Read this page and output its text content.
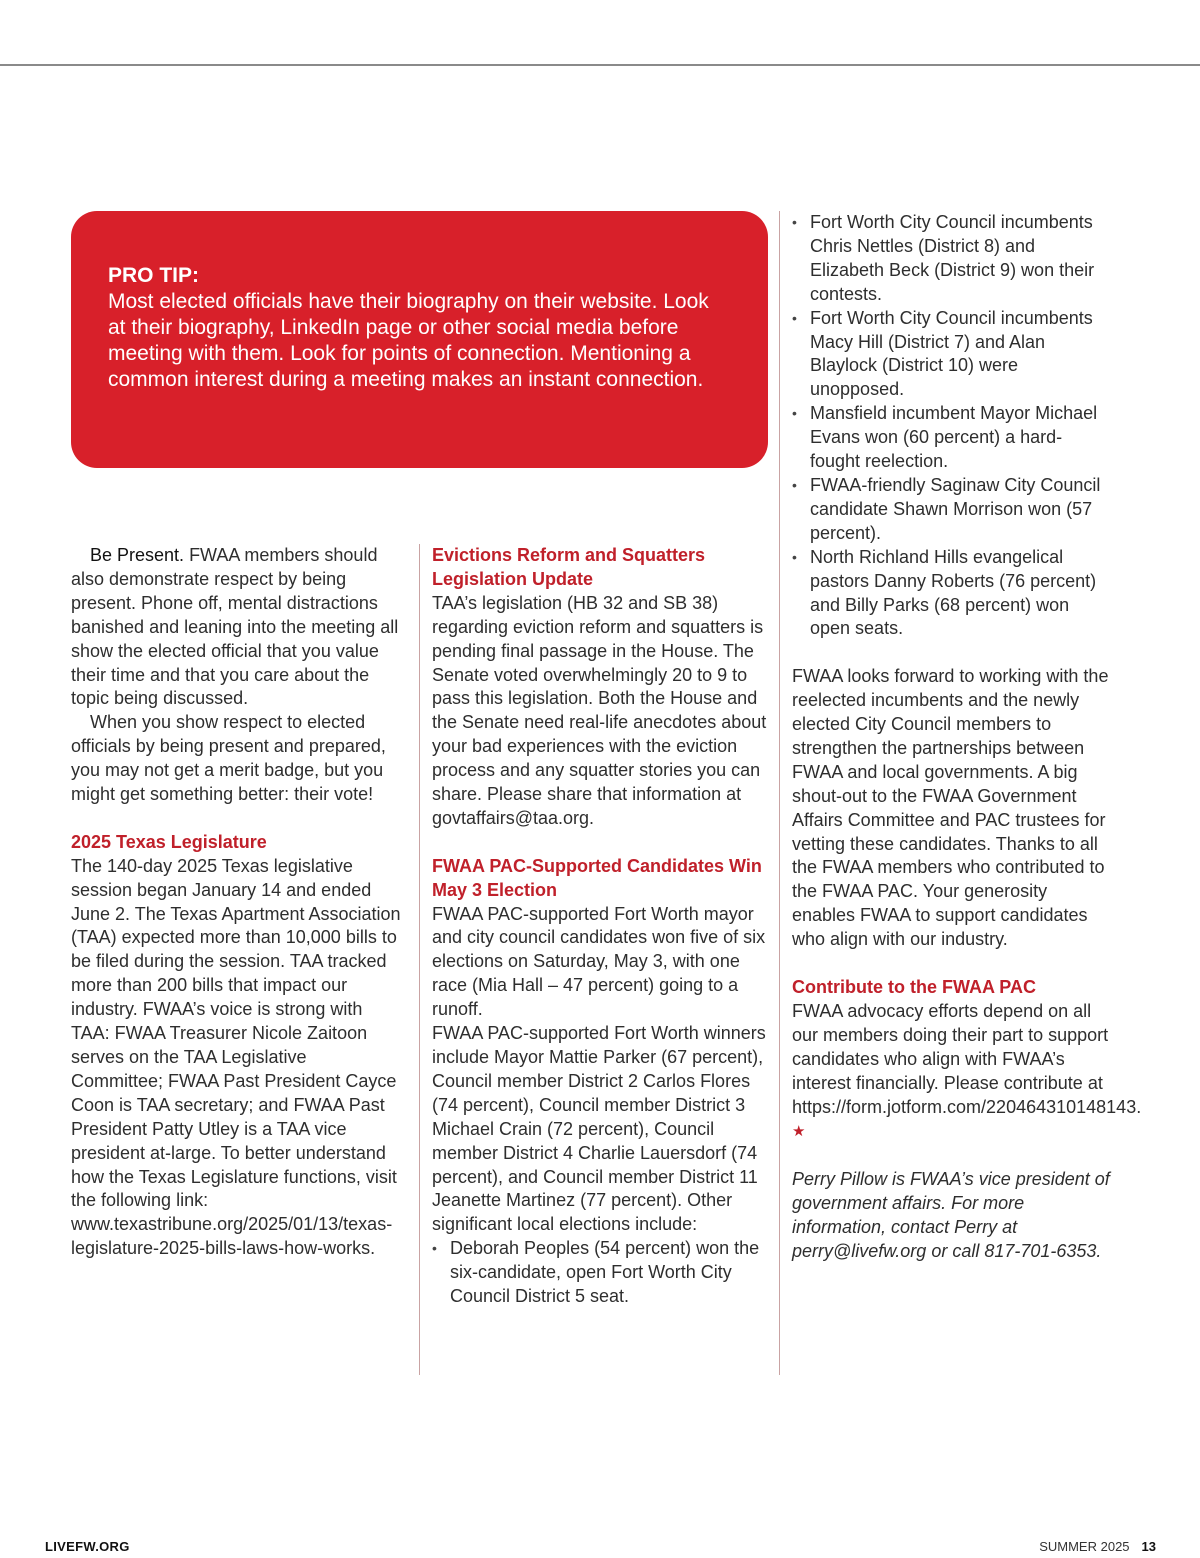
PRO TIP:
Most elected officials have their biography on their website. Look at their biography, LinkedIn page or other social media before meeting with them. Look for points of connection. Mentioning a common interest during a meeting makes an instant connection.

Be Present. FWAA members should also demonstrate respect by being present. Phone off, mental distractions banished and leaning into the meeting all show the elected official that you value their time and that you care about the topic being discussed.

When you show respect to elected officials by being present and prepared, you may not get a merit badge, but you might get something better: their vote!

2025 Texas Legislature

The 140-day 2025 Texas legislative session began January 14 and ended June 2. The Texas Apartment Association (TAA) expected more than 10,000 bills to be filed during the session. TAA tracked more than 200 bills that impact our industry. FWAA’s voice is strong with TAA: FWAA Treasurer Nicole Zaitoon serves on the TAA Legislative Committee; FWAA Past President Cayce Coon is TAA secretary; and FWAA Past President Patty Utley is a TAA vice president at-large. To better understand how the Texas Legislature functions, visit the following link: www.texastribune.org/2025/01/13/texas-legislature-2025-bills-laws-how-works.

Evictions Reform and Squatters Legislation Update

TAA’s legislation (HB 32 and SB 38) regarding eviction reform and squatters is pending final passage in the House. The Senate voted overwhelmingly 20 to 9 to pass this legislation. Both the House and the Senate need real-life anecdotes about your bad experiences with the eviction process and any squatter stories you can share. Please share that information at govtaffairs@taa.org.

FWAA PAC-Supported Candidates Win May 3 Election

FWAA PAC-supported Fort Worth mayor and city council candidates won five of six elections on Saturday, May 3, with one race (Mia Hall – 47 percent) going to a runoff.

FWAA PAC-supported Fort Worth winners include Mayor Mattie Parker (67 percent), Council member District 2 Carlos Flores (74 percent), Council member District 3 Michael Crain (72 percent), Council member District 4 Charlie Lauersdorf (74 percent), and Council member District 11 Jeanette Martinez (77 percent). Other significant local elections include:

• Deborah Peoples (54 percent) won the six-candidate, open Fort Worth City Council District 5 seat.
• Fort Worth City Council incumbents Chris Nettles (District 8) and Elizabeth Beck (District 9) won their contests.
• Fort Worth City Council incumbents Macy Hill (District 7) and Alan Blaylock (District 10) were unopposed.
• Mansfield incumbent Mayor Michael Evans won (60 percent) a hard-fought reelection.
• FWAA-friendly Saginaw City Council candidate Shawn Morrison won (57 percent).
• North Richland Hills evangelical pastors Danny Roberts (76 percent) and Billy Parks (68 percent) won open seats.

FWAA looks forward to working with the reelected incumbents and the newly elected City Council members to strengthen the partnerships between FWAA and local governments. A big shout-out to the FWAA Government Affairs Committee and PAC trustees for vetting these candidates. Thanks to all the FWAA members who contributed to the FWAA PAC. Your generosity enables FWAA to support candidates who align with our industry.

Contribute to the FWAA PAC

FWAA advocacy efforts depend on all our members doing their part to support candidates who align with FWAA’s interest financially. Please contribute at https://form.jotform.com/220464310148143. ★

Perry Pillow is FWAA’s vice president of government affairs. For more information, contact Perry at perry@livefw.org or call 817-701-6353.

LIVEFW.ORG	SUMMER 2025 13
